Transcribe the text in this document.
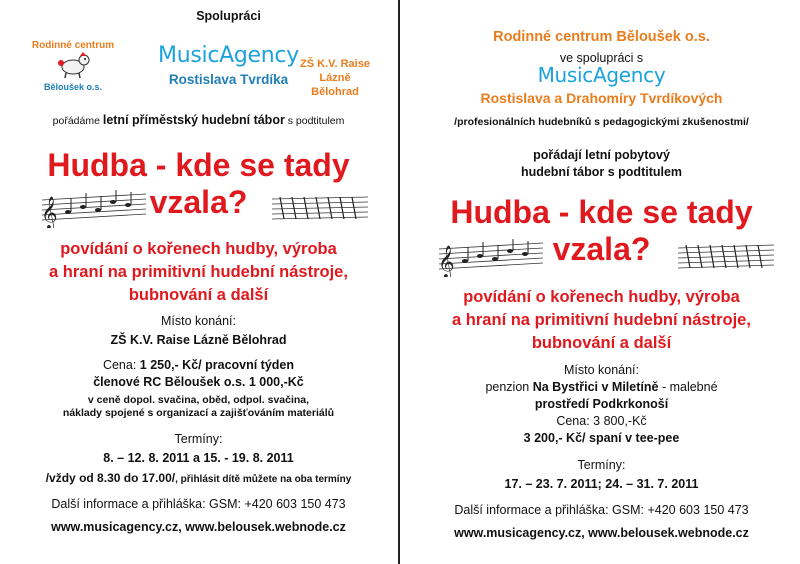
Spolupráci
Rodinné centrum
Běloušek o.s.
MusicAgency
Rostislava Tvrdíka
ZŠ K.V. Raise
Lázně Bělohrad
pořádáme letní příměstský hudební tábor s podtitulem
Hudba - kde se tady
vzala?
𝄞
povídání o kořenech hudby, výroba
a hraní na primitivní hudební nástroje,
bubnování a další
Místo konání:
ZŠ K.V. Raise Lázně Bělohrad
Cena: 1 250,- Kč/ pracovní týden
členové RC Běloušek o.s. 1 000,-Kč
v ceně dopol. svačina, oběd, odpol. svačina,
náklady spojené s organizací a zajišťováním materiálů
Termíny:
8. – 12. 8. 2011 a 15. - 19. 8. 2011
/vždy od 8.30 do 17.00/, přihlásit dítě můžete na oba termíny
Další informace a přihláška: GSM: +420 603 150 473
www.musicagency.cz, www.belousek.webnode.cz
Rodinné centrum Běloušek o.s.
ve spolupráci s
MusicAgency
Rostislava a Drahomíry Tvrdíkových
/profesionálních hudebníků s pedagogickými zkušenostmi/
pořádají letní pobytový
hudební tábor s podtitulem
Hudba - kde se tady
vzala?
𝄞
povídání o kořenech hudby, výroba
a hraní na primitivní hudební nástroje,
bubnování a další
Místo konání:
penzion Na Bystřici v Miletíně - malebné
prostředí Podkrkonoší
Cena: 3 800,-Kč
3 200,- Kč/ spaní v tee-pee
Termíny:
17. – 23. 7. 2011; 24. – 31. 7. 2011
Další informace a přihláška: GSM: +420 603 150 473
www.musicagency.cz, www.belousek.webnode.cz
